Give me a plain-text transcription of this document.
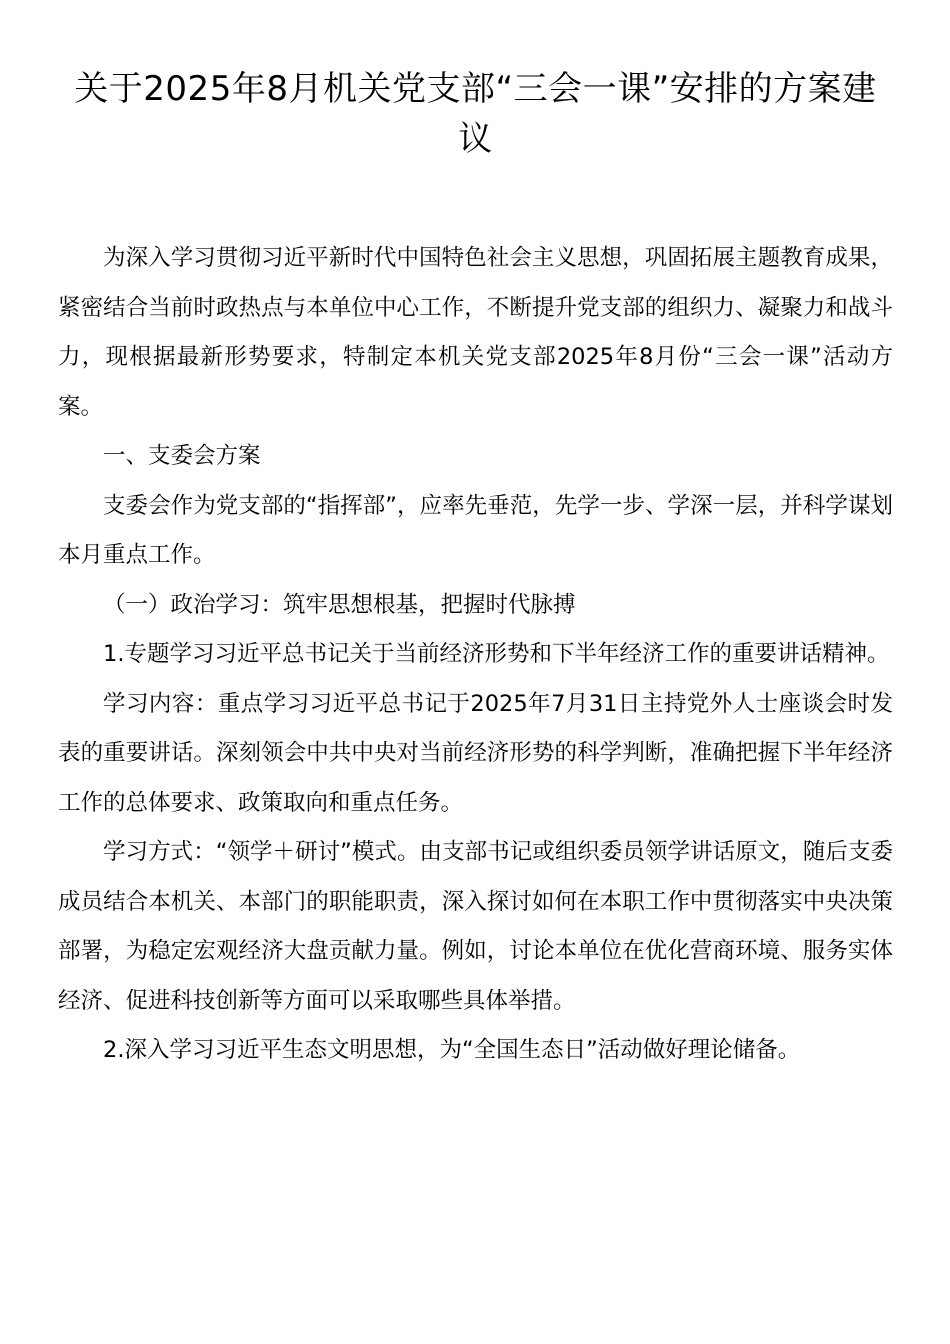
关于2025年8月机关党支部“三会一课”安排的方案建议

为深入学习贯彻习近平新时代中国特色社会主义思想，巩固拓展主题教育成果，紧密结合当前时政热点与本单位中心工作，不断提升党支部的组织力、凝聚力和战斗力，现根据最新形势要求，特制定本机关党支部2025年8月份“三会一课”活动方案。

一、支委会方案

支委会作为党支部的“指挥部”，应率先垂范，先学一步、学深一层，并科学谋划本月重点工作。

（一）政治学习：筑牢思想根基，把握时代脉搏

1.专题学习习近平总书记关于当前经济形势和下半年经济工作的重要讲话精神。

学习内容：重点学习习近平总书记于2025年7月31日主持党外人士座谈会时发表的重要讲话。深刻领会中共中央对当前经济形势的科学判断，准确把握下半年经济工作的总体要求、政策取向和重点任务。

学习方式：“领学＋研讨”模式。由支部书记或组织委员领学讲话原文，随后支委成员结合本机关、本部门的职能职责，深入探讨如何在本职工作中贯彻落实中央决策部署，为稳定宏观经济大盘贡献力量。例如，讨论本单位在优化营商环境、服务实体经济、促进科技创新等方面可以采取哪些具体举措。

2.深入学习习近平生态文明思想，为“全国生态日”活动做好理论储备。
